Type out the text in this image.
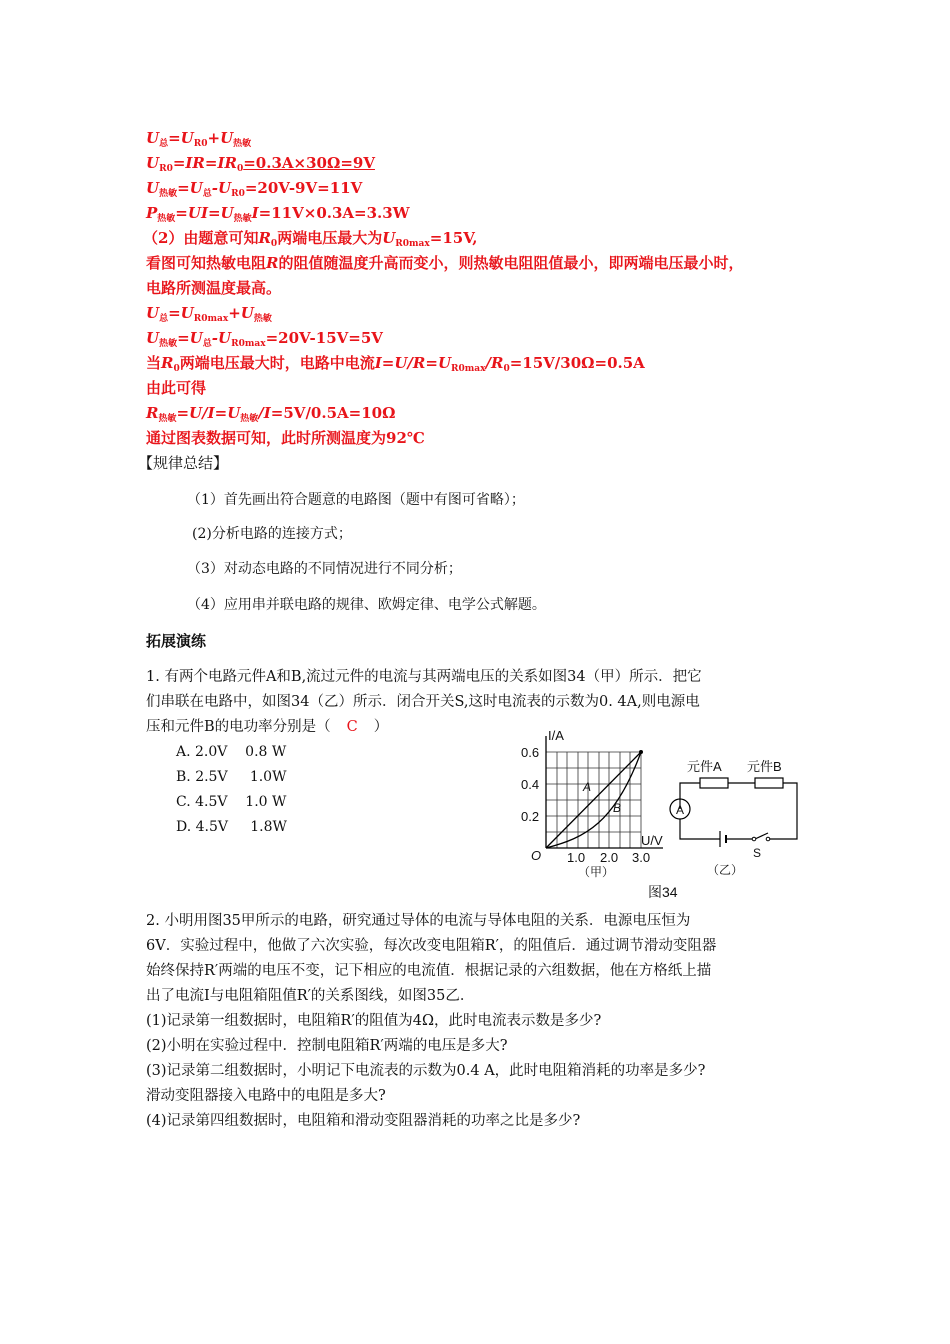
$U_总=U_{R0}+U_{热敏}$
$U_{R0}=IR=IR_0=0.3A\times 30\Omega=9V$
$U_{热敏}=U_总-U_{R0}=20V-9V=11V$
$P_{热敏}=UI=U_{热敏}I=11V\times 0.3A=3.3W$
（2）由题意可知$R_0$两端电压最大为$U_{R0max}=15V$,
看图可知热敏电阻R的阻值随温度升高而变小，则热敏电阻阻值最小，即两端电压最小时，
电路所测温度最高。
$U_总=U_{R0max}+U_{热敏}$
$U_{热敏}=U_总-U_{R0max}=20V-15V=5V$
当$R_0$两端电压最大时，电路中电流$I=U/R=U_{R0max}/R_0=15V/30\Omega=0.5A$
由此可得
$R_{热敏}=U/I=U_{热敏}/I=5V/0.5A=10\Omega$
通过图表数据可知，此时所测温度为92℃
【规律总结】
（1）首先画出符合题意的电路图（题中有图可省略）；
(2)分析电路的连接方式；
（3）对动态电路的不同情况进行不同分析；
（4）应用串并联电路的规律、欧姆定律、电学公式解题。
拓展演练
1. 有两个电路元件A和B,流过元件的电流与其两端电压的关系如图34（甲）所示．把它
们串联在电路中，如图34（乙）所示．闭合开关S,这时电流表的示数为0. 4A,则电源电
压和元件B的电功率分别是（ C ）
A. 2.0V    0.8 W
B. 2.5V     1.0W
C. 4.5V    1.0 W
D. 4.5V     1.8W
I/A
U/V
0.6
0.4
0.2
O 1.0 2.0 3.0
A
B
（甲）
元件A 元件B
A
S
（乙）
图34
2. 小明用图35甲所示的电路，研究通过导体的电流与导体电阻的关系．电源电压恒为
6V．实验过程中，他做了六次实验，每次改变电阻箱R′，的阻值后．通过调节滑动变阻器
始终保持R′两端的电压不变，记下相应的电流值．根据记录的六组数据，他在方格纸上描
出了电流I与电阻箱阻值R′的关系图线，如图35乙．
(1)记录第一组数据时，电阻箱R′的阻值为4Ω，此时电流表示数是多少?
(2)小明在实验过程中．控制电阻箱R′两端的电压是多大?
(3)记录第二组数据时，小明记下电流表的示数为0.4 A，此时电阻箱消耗的功率是多少?
滑动变阻器接入电路中的电阻是多大?
(4)记录第四组数据时，电阻箱和滑动变阻器消耗的功率之比是多少?
